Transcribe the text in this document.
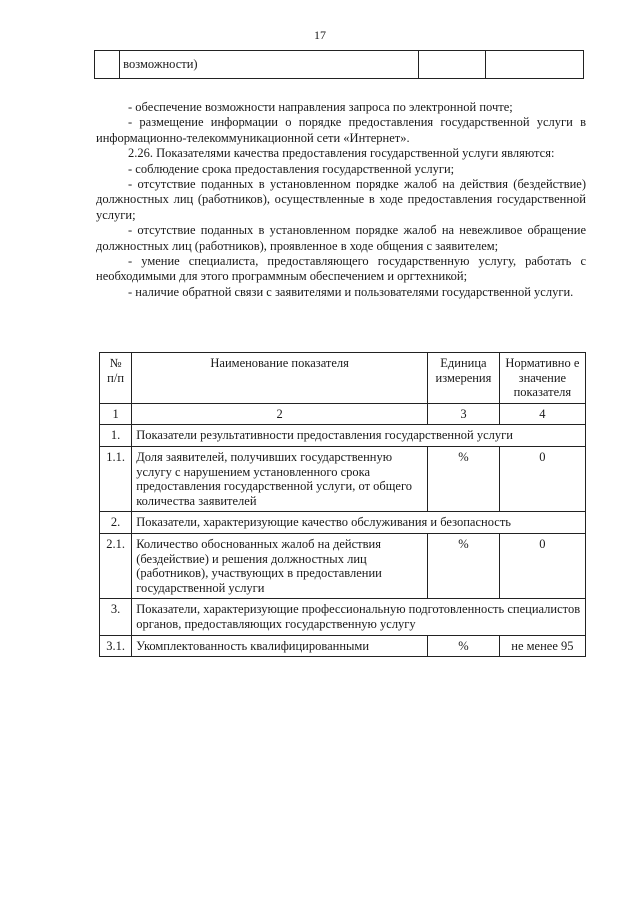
17
	возможности)		

- обеспечение возможности направления запроса по электронной почте;

- размещение информации о порядке предоставления государственной услуги в информационно-телекоммуникационной сети «Интернет».

2.26. Показателями качества предоставления государственной услуги являются:

- соблюдение срока предоставления государственной услуги;

- отсутствие поданных в установленном порядке жалоб на действия (бездействие) должностных лиц (работников), осуществленные в ходе предоставления государственной услуги;

- отсутствие поданных в установленном порядке жалоб на невежливое обращение должностных лиц (работников), проявленное в ходе общения с заявителем;

- умение специалиста, предоставляющего государственную услугу, работать с необходимыми для этого программным обеспечением и оргтехникой;

- наличие обратной связи с заявителями и пользователями государственной услуги.

№ п/п	Наименование показателя	Единица измерения	Нормативно е значение показателя
1	2	3	4
1.	Показатели результативности предоставления государственной услуги		
1.1.	Доля заявителей, получивших государственную услугу с нарушением установленного срока предоставления государственной услуги, от общего количества заявителей	%	0
2.	Показатели, характеризующие качество обслуживания и безопасность		
2.1.	Количество обоснованных жалоб на действия (бездействие) и решения должностных лиц (работников), участвующих в предоставлении государственной услуги	%	0
3.	Показатели, характеризующие профессиональную подготовленность специалистов органов, предоставляющих государственную услугу		
3.1.	Укомплектованность квалифицированными	%	не менее 95
